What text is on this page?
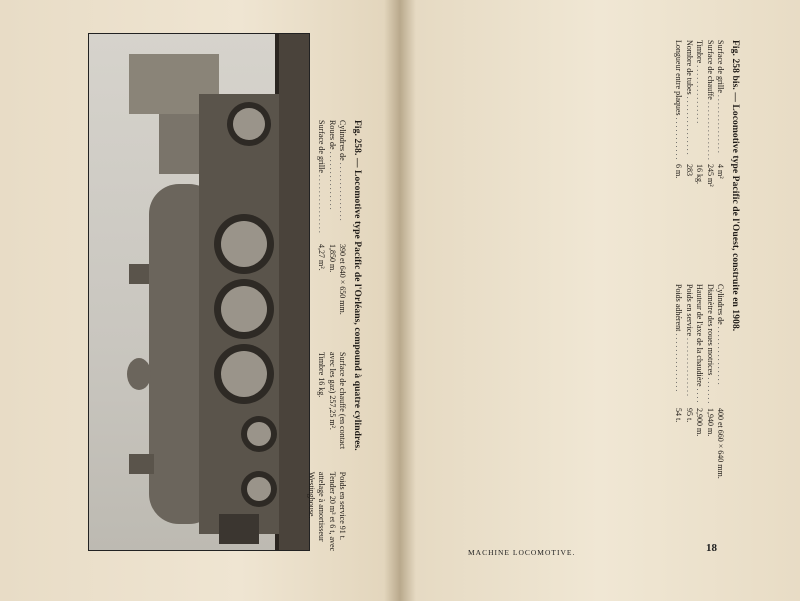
Fig. 258. — Locomotive type Pacific de l'Orléans, compound à quatre cylindres.
Cylindres de . . .
390 et 640 × 650 mm.
Roues de . . .
1,850 m.
Surface de grille . . .
4,27 m².
Surface de chauffe (en contact avec les gaz) 257,25 m².
Timbre 16 kg.
Poids en service 91 t.
Tender 20 m³ et 6 t, avec attelage à amortisseur Westinghouse.
Fig. 258 bis. — Locomotive type Pacific de l'Ouest, construite en 1908.
Surface de grille . . .
4 m²
Surface de chauffe . . .
245 m²
Timbre . . .
16 kg.
Nombre de tubes . . .
283
Longueur entre plaques . . .
6 m.
Cylindres de . . .
400 et 660 × 640 mm.
Diamètre des roues motrices . . .
1,940 m.
Hauteur de l'axe de la chaudière . . .
2,900 m.
Poids en service . . .
95 t.
Poids adhérent . . .
54 t.
MACHINE LOCOMOTIVE.	18
